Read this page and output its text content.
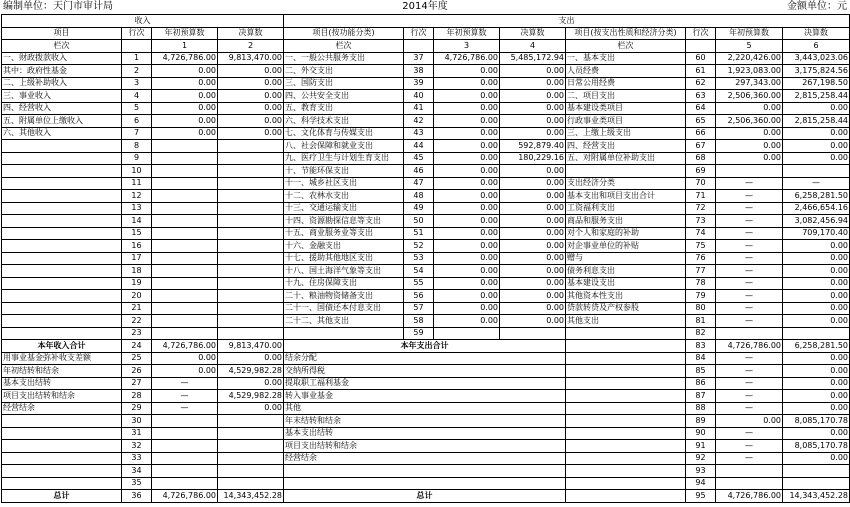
编制单位：天门市审计局	2014年度	金额单位：元
收入				支出							
项目	行次	年初预算数	决算数	项目(按功能分类)	行次	年初预算数	决算数	项目(按支出性质和经济分类)	行次	年初预算数	决算数
栏次		1	2	栏次		3	4	栏次		5	6
一、财政拨款收入	1	4,726,786.00	9,813,470.00	一、一般公共服务支出	37	4,726,786.00	5,485,172.94	一、基本支出	60	2,220,426.00	3,443,023.06
其中：政府性基金	2	0.00	0.00	二、外交支出	38	0.00	0.00	人员经费	61	1,923,083.00	3,175,824.56
二、上级补助收入	3	0.00	0.00	三、国防支出	39	0.00	0.00	日常公用经费	62	297,343.00	267,198.50
三、事业收入	4	0.00	0.00	四、公共安全支出	40	0.00	0.00	二、项目支出	63	2,506,360.00	2,815,258.44
四、经营收入	5	0.00	0.00	五、教育支出	41	0.00	0.00	基本建设类项目	64	0.00	0.00
五、附属单位上缴收入	6	0.00	0.00	六、科学技术支出	42	0.00	0.00	行政事业类项目	65	2,506,360.00	2,815,258.44
六、其他收入	7	0.00	0.00	七、文化体育与传媒支出	43	0.00	0.00	三、上缴上级支出	66	0.00	0.00
	8			八、社会保障和就业支出	44	0.00	592,879.40	四、经营支出	67	0.00	0.00
	9			九、医疗卫生与计划生育支出	45	0.00	180,229.16	五、对附属单位补助支出	68	0.00	0.00
	10			十、节能环保支出	46	0.00	0.00		69		
	11			十一、城乡社区支出	47	0.00	0.00	支出经济分类	70	—	—
	12			十二、农林水支出	48	0.00	0.00	基本支出和项目支出合计	71	—	6,258,281.50
	13			十三、交通运输支出	49	0.00	0.00	工资福利支出	72	—	2,466,654.16
	14			十四、资源勘探信息等支出	50	0.00	0.00	商品和服务支出	73	—	3,082,456.94
	15			十五、商业服务业等支出	51	0.00	0.00	对个人和家庭的补助	74	—	709,170.40
	16			十六、金融支出	52	0.00	0.00	对企事业单位的补贴	75	—	0.00
	17			十七、援助其他地区支出	53	0.00	0.00	赠与	76	—	0.00
	18			十八、国土海洋气象等支出	54	0.00	0.00	债务利息支出	77	—	0.00
	19			十九、住房保障支出	55	0.00	0.00	基本建设支出	78	—	0.00
	20			二十、粮油物资储备支出	56	0.00	0.00	其他资本性支出	79	—	0.00
	21			二十一、国债还本付息支出	57	0.00	0.00	贷款转贷及产权参股	80	—	0.00
	22			二十二、其他支出	58	0.00	0.00	其他支出	81	—	0.00
	23				59				82		
本年收入合计	24	4,726,786.00	9,813,470.00	本年支出合计					83	4,726,786.00	6,258,281.50
用事业基金弥补收支差额	25	0.00	0.00	结余分配					84	—	0.00
年初结转和结余	26	0.00	4,529,982.28	交纳所得税					85	—	0.00
基本支出结转	27	—	0.00	提取职工福利基金					86	—	0.00
项目支出结转和结余	28	—	4,529,982.28	转入事业基金					87	—	0.00
经营结余	29	—	0.00	其他					88	—	0.00
	30			年末结转和结余					89	0.00	8,085,170.78
	31			基本支出结转					90	—	0.00
	32			项目支出结转和结余					91	—	8,085,170.78
	33			经营结余					92	—	0.00
	34								93		
	35								94		
总计	36	4,726,786.00	14,343,452.28	总计					95	4,726,786.00	14,343,452.28
